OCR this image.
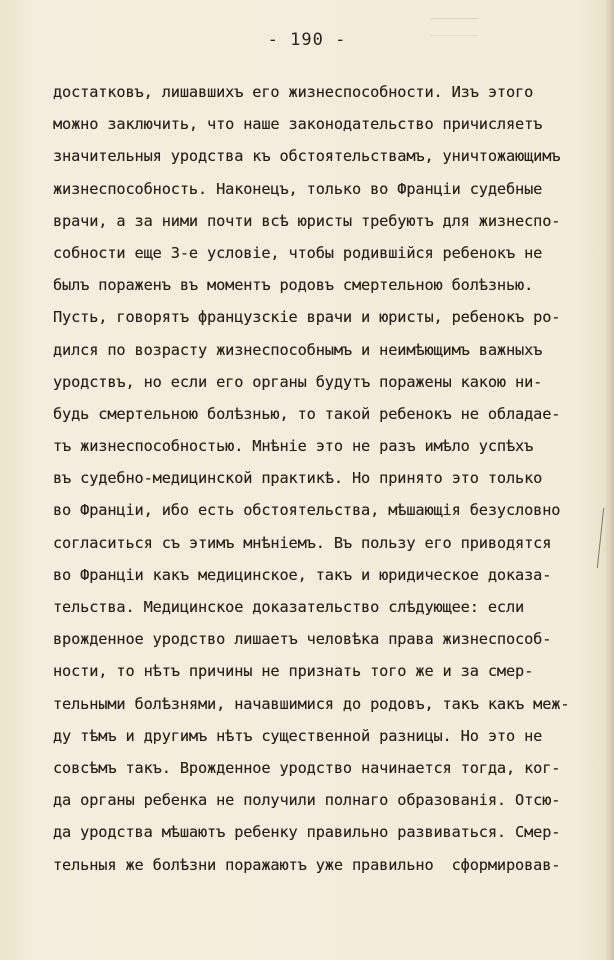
- 190 -
достатковъ, лишавшихъ его жизнеспособности. Изъ этого
можно заключить, что наше законодательство причисляетъ
значительныя уродства къ обстоятельствамъ, уничтожающимъ
жизнеспособность. Наконецъ, только во Франціи судебные
врачи, а за ними почти всѣ юристы требуютъ для жизнеспо-
собности еще 3-е условіе, чтобы родившійся ребенокъ не
былъ пораженъ въ моментъ родовъ смертельною болѣзнью.
Пусть, говорятъ французскіе врачи и юристы, ребенокъ ро-
дился по возрасту жизнеспособнымъ и неимѣющимъ важныхъ
уродствъ, но если его органы будутъ поражены какою ни-
будь смертельною болѣзнью, то такой ребенокъ не обладае-
тъ жизнеспособностью. Мнѣніе это не разъ имѣло успѣхъ
въ судебно-медицинской практикѣ. Но принято это только
во Франціи, ибо есть обстоятельства, мѣшающія безусловно
согласиться съ этимъ мнѣніемъ. Въ пользу его приводятся
во Франціи какъ медицинское, такъ и юридическое доказа-
тельства. Медицинское доказательство слѣдующее: если
врожденное уродство лишаетъ человѣка права жизнеспособ-
ности, то нѣтъ причины не признать того же и за смер-
тельными болѣзнями, начавшимися до родовъ, такъ какъ меж-
ду тѣмъ и другимъ нѣтъ существенной разницы. Но это не
совсѣмъ такъ. Врожденное уродство начинается тогда, ког-
да органы ребенка не получили полнаго образованія. Отсю-
да уродства мѣшаютъ ребенку правильно развиваться. Смер-
тельныя же болѣзни поражаютъ уже правильно  сформировав-
